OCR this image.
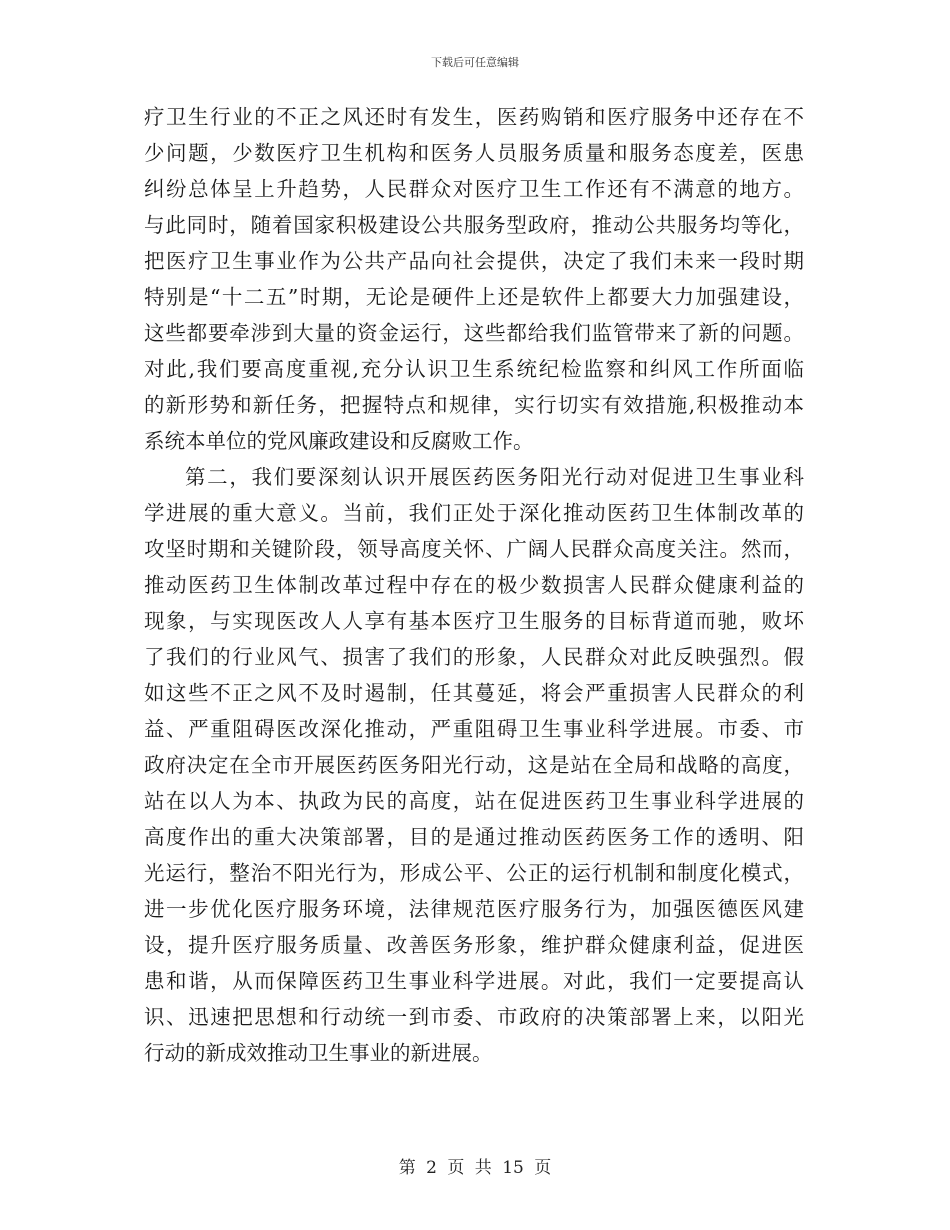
下载后可任意编辑
疗卫生行业的不正之风还时有发生，医药购销和医疗服务中还存在不
少问题，少数医疗卫生机构和医务人员服务质量和服务态度差，医患
纠纷总体呈上升趋势，人民群众对医疗卫生工作还有不满意的地方。
与此同时，随着国家积极建设公共服务型政府，推动公共服务均等化，
把医疗卫生事业作为公共产品向社会提供，决定了我们未来一段时期
特别是“十二五”时期，无论是硬件上还是软件上都要大力加强建设，
这些都要牵涉到大量的资金运行，这些都给我们监管带来了新的问题。
对此,我们要高度重视,充分认识卫生系统纪检监察和纠风工作所面临
的新形势和新任务，把握特点和规律，实行切实有效措施,积极推动本
系统本单位的党风廉政建设和反腐败工作。
第二，我们要深刻认识开展医药医务阳光行动对促进卫生事业科
学进展的重大意义。当前，我们正处于深化推动医药卫生体制改革的
攻坚时期和关键阶段，领导高度关怀、广阔人民群众高度关注。然而，
推动医药卫生体制改革过程中存在的极少数损害人民群众健康利益的
现象，与实现医改人人享有基本医疗卫生服务的目标背道而驰，败坏
了我们的行业风气、损害了我们的形象，人民群众对此反映强烈。假
如这些不正之风不及时遏制，任其蔓延，将会严重损害人民群众的利
益、严重阻碍医改深化推动，严重阻碍卫生事业科学进展。市委、市
政府决定在全市开展医药医务阳光行动，这是站在全局和战略的高度，
站在以人为本、执政为民的高度，站在促进医药卫生事业科学进展的
高度作出的重大决策部署，目的是通过推动医药医务工作的透明、阳
光运行，整治不阳光行为，形成公平、公正的运行机制和制度化模式，
进一步优化医疗服务环境，法律规范医疗服务行为，加强医德医风建
设，提升医疗服务质量、改善医务形象，维护群众健康利益，促进医
患和谐，从而保障医药卫生事业科学进展。对此，我们一定要提高认
识、迅速把思想和行动统一到市委、市政府的决策部署上来，以阳光
行动的新成效推动卫生事业的新进展。
第 2 页 共 15 页
